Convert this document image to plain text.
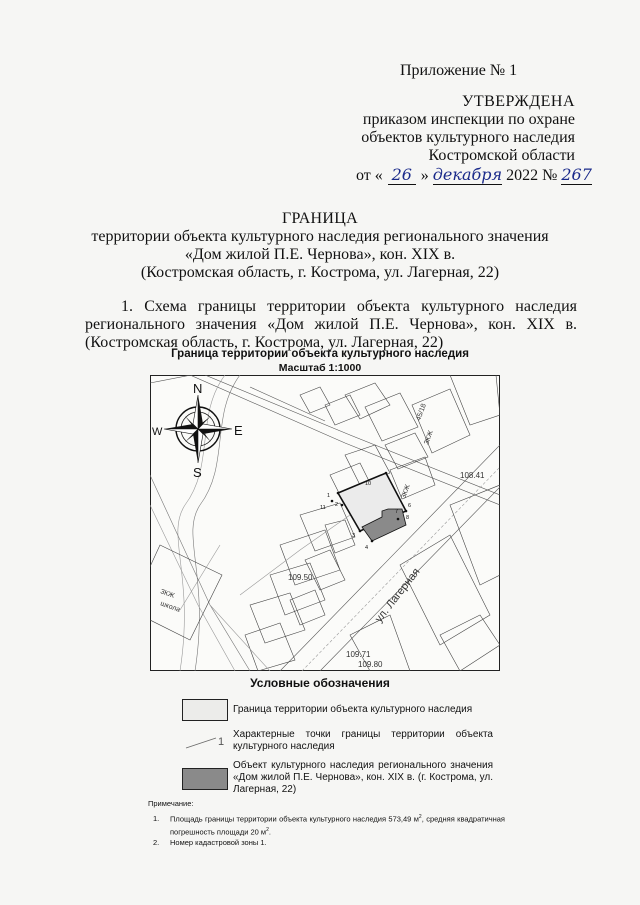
Приложение № 1
УТВЕРЖДЕНА
приказом инспекции по охране
объектов культурного наследия
Костромской области
от « 26 » декабря 2022 № 267
ГРАНИЦА
территории объекта культурного наследия регионального значения
«Дом жилой П.Е. Чернова», кон. XIX в.
(Костромская область, г. Кострома, ул. Лагерная, 22)
1. Схема границы территории объекта культурного наследия регионального значения «Дом жилой П.Е. Чернова», кон. XIX в. (Костромская область, г. Кострома, ул. Лагерная, 22)
Граница территории объекта культурного наследия
Масштаб 1:1000
N
S
E
W
ул. Лагерная
108.41
109.50
109.71
109.80
3КЖ
школа
3КЖ
3КЖ
45/18
10
1
2
11
8
7
6
3
4
Условные обозначения
Граница территории объекта культурного наследия
1
Характерные точки границы территории объекта культурного наследия
Объект культурного наследия регионального значения «Дом жилой П.Е. Чернова», кон. XIX в. (г. Кострома, ул. Лагерная, 22)
Примечание:
1. Площадь границы территории объекта культурного наследия 573,49 $м^2$, средняя квадратичная погрешность площади 20 $м^2$.
2. Номер кадастровой зоны 1.
